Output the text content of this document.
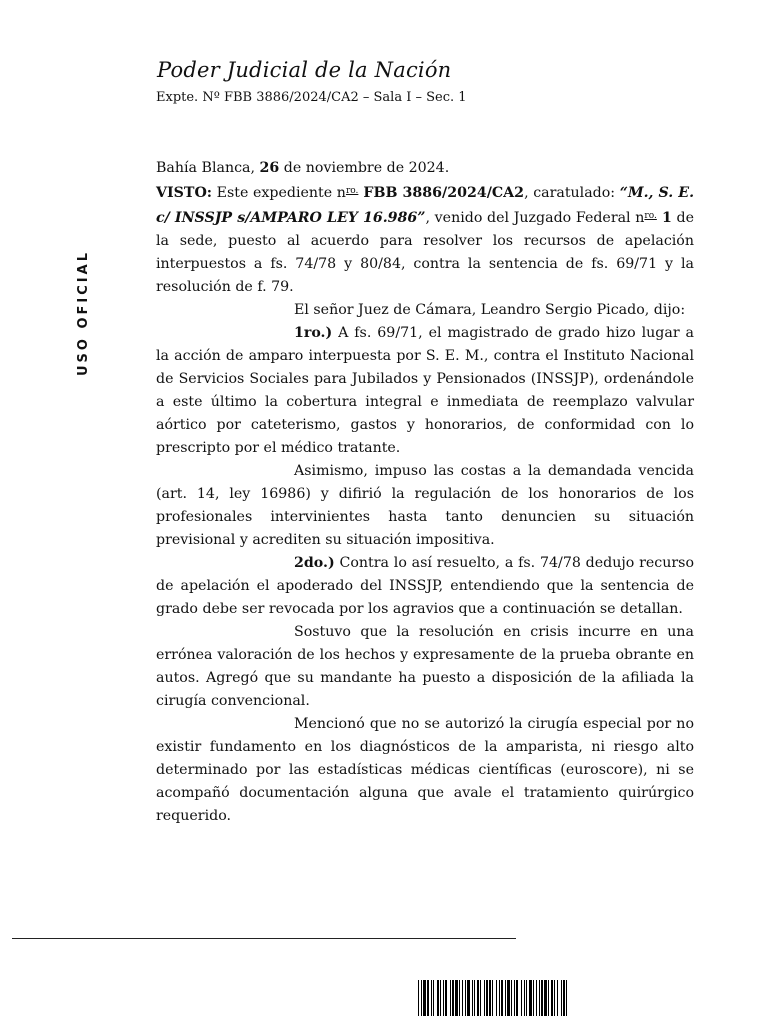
Poder Judicial de la Nación
Expte. Nº FBB 3886/2024/CA2 – Sala I – Sec. 1
USO OFICIAL

Bahía Blanca, 26 de noviembre de 2024.

VISTO: Este expediente $n^{ro.}$ FBB 3886/2024/CA2, caratulado: “M., S. E. c/ INSSJP s/AMPARO LEY 16.986”, venido del Juzgado Federal $n^{ro.}$ 1 de la sede, puesto al acuerdo para resolver los recursos de apelación interpuestos a fs. 74/78 y 80/84, contra la sentencia de fs. 69/71 y la resolución de f. 79.

El señor Juez de Cámara, Leandro Sergio Picado, dijo:

1ro.) A fs. 69/71, el magistrado de grado hizo lugar a la acción de amparo interpuesta por S. E. M., contra el Instituto Nacional de Servicios Sociales para Jubilados y Pensionados (INSSJP), ordenándole a este último la cobertura integral e inmediata de reemplazo valvular aórtico por cateterismo, gastos y honorarios, de conformidad con lo prescripto por el médico tratante.

Asimismo, impuso las costas a la demandada vencida (art. 14, ley 16986) y difirió la regulación de los honorarios de los profesionales intervinientes hasta tanto denuncien su situación previsional y acrediten su situación impositiva.

2do.) Contra lo así resuelto, a fs. 74/78 dedujo recurso de apelación el apoderado del INSSJP, entendiendo que la sentencia de grado debe ser revocada por los agravios que a continuación se detallan.

Sostuvo que la resolución en crisis incurre en una errónea valoración de los hechos y expresamente de la prueba obrante en autos. Agregó que su mandante ha puesto a disposición de la afiliada la cirugía convencional.

Mencionó que no se autorizó la cirugía especial por no existir fundamento en los diagnósticos de la amparista, ni riesgo alto determinado por las estadísticas médicas científicas (euroscore), ni se acompañó documentación alguna que avale el tratamiento quirúrgico requerido.
